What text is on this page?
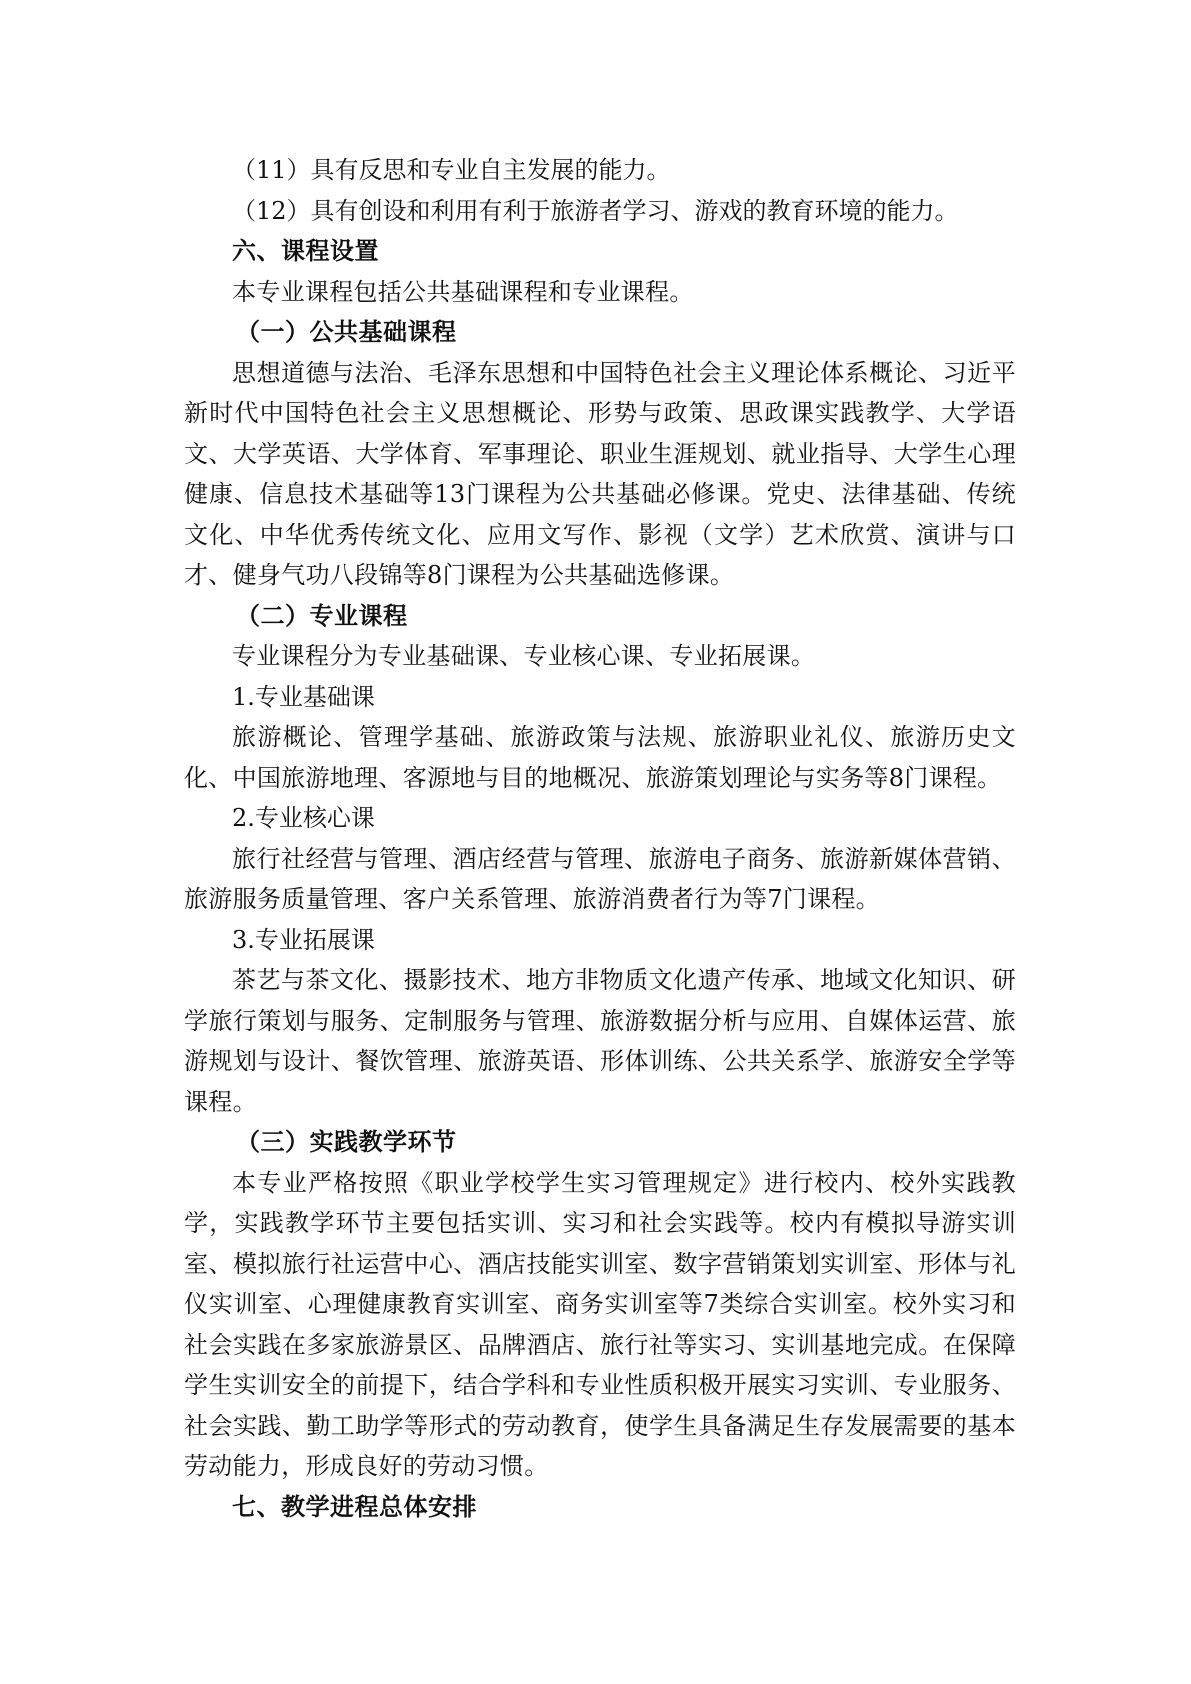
（11）具有反思和专业自主发展的能力。

（12）具有创设和利用有利于旅游者学习、游戏的教育环境的能力。

六、课程设置

本专业课程包括公共基础课程和专业课程。

（一）公共基础课程

思想道德与法治、毛泽东思想和中国特色社会主义理论体系概论、习近平新时代中国特色社会主义思想概论、形势与政策、思政课实践教学、大学语文、大学英语、大学体育、军事理论、职业生涯规划、就业指导、大学生心理健康、信息技术基础等13门课程为公共基础必修课。党史、法律基础、传统文化、中华优秀传统文化、应用文写作、影视（文学）艺术欣赏、演讲与口才、健身气功八段锦等8门课程为公共基础选修课。

（二）专业课程

专业课程分为专业基础课、专业核心课、专业拓展课。

1.专业基础课

旅游概论、管理学基础、旅游政策与法规、旅游职业礼仪、旅游历史文化、中国旅游地理、客源地与目的地概况、旅游策划理论与实务等8门课程。

2.专业核心课

旅行社经营与管理、酒店经营与管理、旅游电子商务、旅游新媒体营销、旅游服务质量管理、客户关系管理、旅游消费者行为等7门课程。

3.专业拓展课

茶艺与茶文化、摄影技术、地方非物质文化遗产传承、地域文化知识、研学旅行策划与服务、定制服务与管理、旅游数据分析与应用、自媒体运营、旅游规划与设计、餐饮管理、旅游英语、形体训练、公共关系学、旅游安全学等课程。

（三）实践教学环节

本专业严格按照《职业学校学生实习管理规定》进行校内、校外实践教学，实践教学环节主要包括实训、实习和社会实践等。校内有模拟导游实训室、模拟旅行社运营中心、酒店技能实训室、数字营销策划实训室、形体与礼仪实训室、心理健康教育实训室、商务实训室等7类综合实训室。校外实习和社会实践在多家旅游景区、品牌酒店、旅行社等实习、实训基地完成。在保障学生实训安全的前提下，结合学科和专业性质积极开展实习实训、专业服务、社会实践、勤工助学等形式的劳动教育，使学生具备满足生存发展需要的基本劳动能力，形成良好的劳动习惯。

七、教学进程总体安排
